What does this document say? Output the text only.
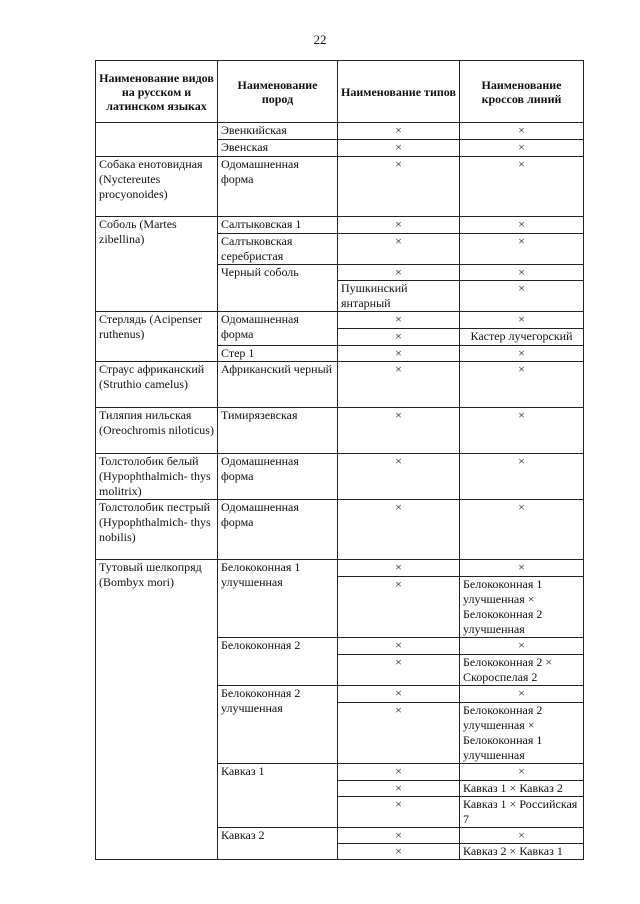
22
Наименование видов на русском и латинском языках	Наименование пород	Наименование типов	Наименование кроссов линий
	Эвенкийская	×	×
	Эвенская	×	×
Собака енотовидная (Nyctereutes procyonoides)	Одомашненная форма	×	×
Соболь (Martes zibellina)	Салтыковская 1	×	×
	Салтыковская серебристая	×	×
	Черный соболь	×	×
		Пушкинский янтарный	×
Стерлядь (Acipenser ruthenus)	Одомашненная форма	×	×
		×	Кастер лучегорский
	Стер 1	×	×
Страус африканский (Struthio camelus)	Африканский черный	×	×
Тиляпия нильская (Oreochromis niloticus)	Тимирязевская	×	×
Толстолобик белый (Hypophthalmich- thys molitrix)	Одомашненная форма	×	×
Толстолобик пестрый (Hypophthalmich- thys nobilis)	Одомашненная форма	×	×
Тутовый шелкопряд (Bombyx mori)	Белококонная 1 улучшенная	×	×
		×	Белококонная 1 улучшенная × Белококонная 2 улучшенная
	Белококонная 2	×	×
		×	Белококонная 2 × Скороспелая 2
	Белококонная 2 улучшенная	×	×
		×	Белококонная 2 улучшенная × Белококонная 1 улучшенная
	Кавказ 1	×	×
		×	Кавказ 1 × Кавказ 2
		×	Кавказ 1 × Российская 7
	Кавказ 2	×	×
		×	Кавказ 2 × Кавказ 1
